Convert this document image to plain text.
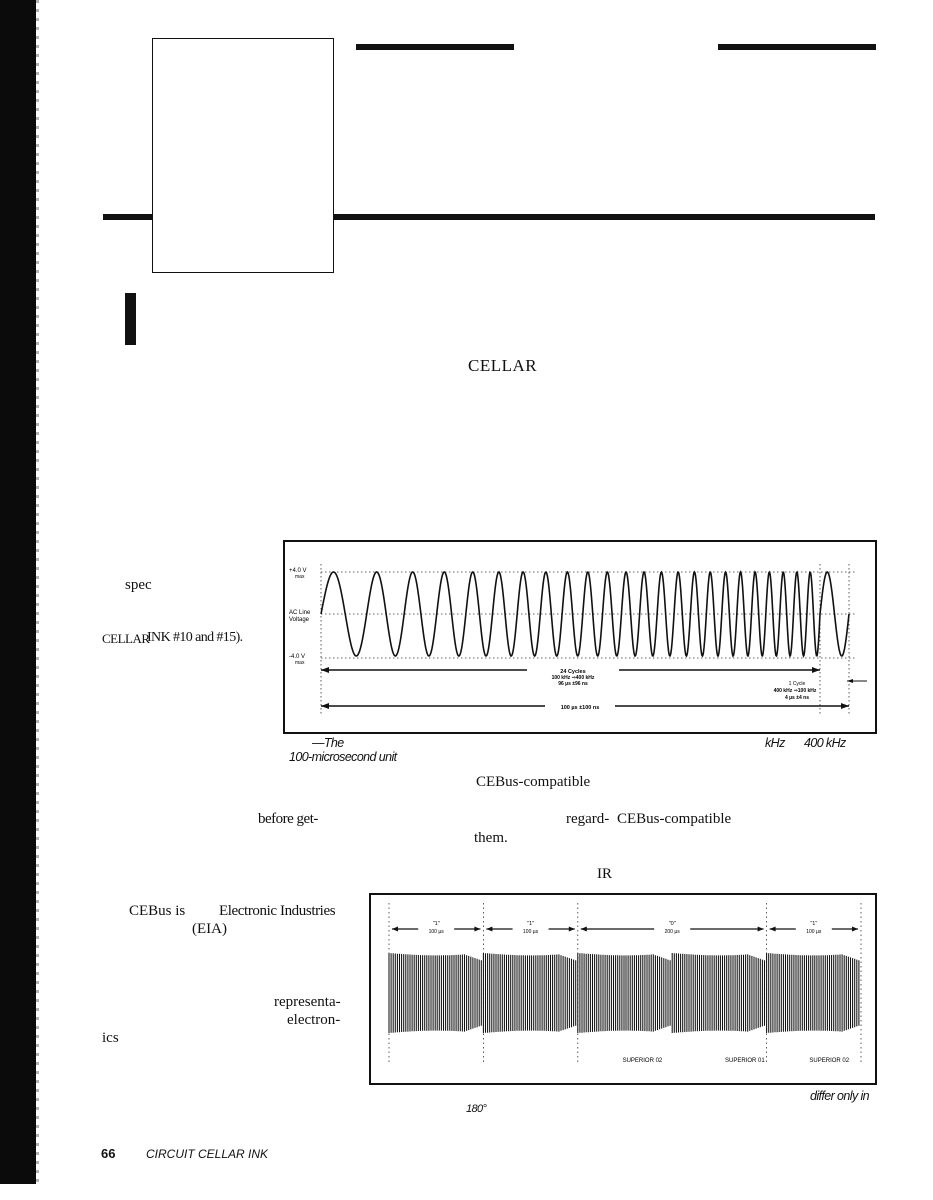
CELLAR
spec
CELLAR
INK #10 and #15).
+4.0 V
max
AC Line
Voltage
-4.0 V
max
24 Cycles
100 kHz ⇒400 kHz
96 µs ±96 ns	1 Cycle
400 kHz ⇒100 kHz
4 µs ±4 ns
100 µs ±100 ns
—The
100-microsecond unit
kHz 400 kHz
CEBus-compatible
before get-	regard- CEBus-compatible
them.
IR
CEBus is Electronic Industries
(EIA)
representa-
electron-
ics
"1"
100 µs
"1"
100 µs
"0"
200 µs
"1"
100 µs
SUPERIOR 02	SUPERIOR 01	SUPERIOR 02
differ only in
180°
66	CIRCUIT CELLAR INK
